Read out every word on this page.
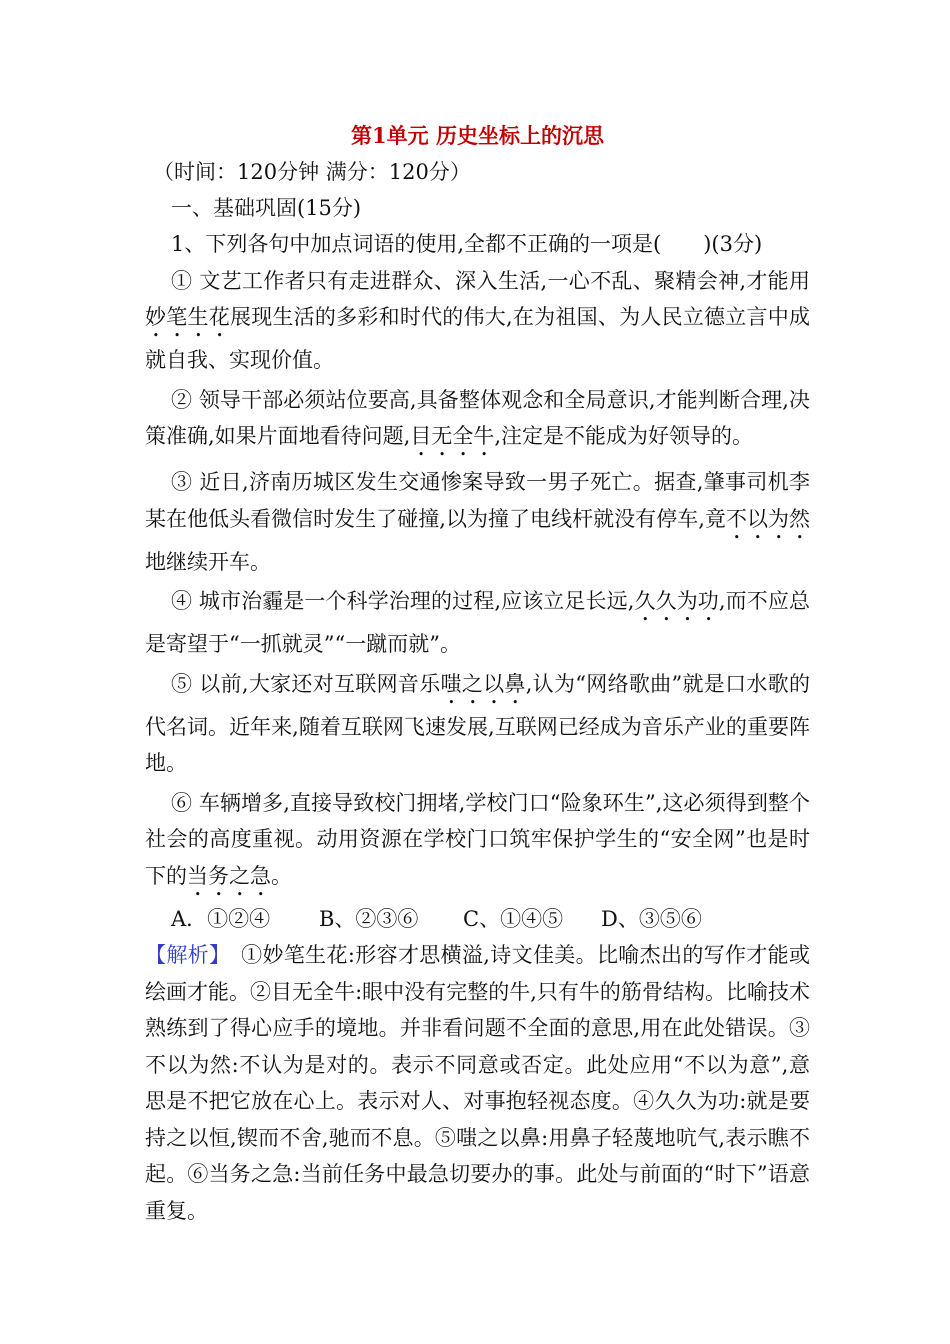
第1单元 历史坐标上的沉思

（时间：120分钟 满分：120分）

一、基础巩固(15分)

1、下列各句中加点词语的使用,全都不正确的一项是(　　)(3分)

① 文艺工作者只有走进群众、深入生活,一心不乱、聚精会神,才能用妙笔生花展现生活的多彩和时代的伟大,在为祖国、为人民立德立言中成就自我、实现价值。

② 领导干部必须站位要高,具备整体观念和全局意识,才能判断合理,决策准确,如果片面地看待问题,目无全牛,注定是不能成为好领导的。

③ 近日,济南历城区发生交通惨案导致一男子死亡。据查,肇事司机李某在他低头看微信时发生了碰撞,以为撞了电线杆就没有停车,竟不以为然地继续开车。

④ 城市治霾是一个科学治理的过程,应该立足长远,久久为功,而不应总是寄望于“一抓就灵”“一蹴而就”。

⑤ 以前,大家还对互联网音乐嗤之以鼻,认为“网络歌曲”就是口水歌的代名词。近年来,随着互联网飞速发展,互联网已经成为音乐产业的重要阵地。

⑥ 车辆增多,直接导致校门拥堵,学校门口“险象环生”,这必须得到整个社会的高度重视。动用资源在学校门口筑牢保护学生的“安全网”也是时下的当务之急。

A．①②④	B、②③⑥	C、①④⑤	D、③⑤⑥

【解析】  ①妙笔生花:形容才思横溢,诗文佳美。比喻杰出的写作才能或绘画才能。②目无全牛:眼中没有完整的牛,只有牛的筋骨结构。比喻技术熟练到了得心应手的境地。并非看问题不全面的意思,用在此处错误。③不以为然:不认为是对的。表示不同意或否定。此处应用“不以为意”,意思是不把它放在心上。表示对人、对事抱轻视态度。④久久为功:就是要持之以恒,锲而不舍,驰而不息。⑤嗤之以鼻:用鼻子轻蔑地吭气,表示瞧不起。⑥当务之急:当前任务中最急切要办的事。此处与前面的“时下”语意重复。
